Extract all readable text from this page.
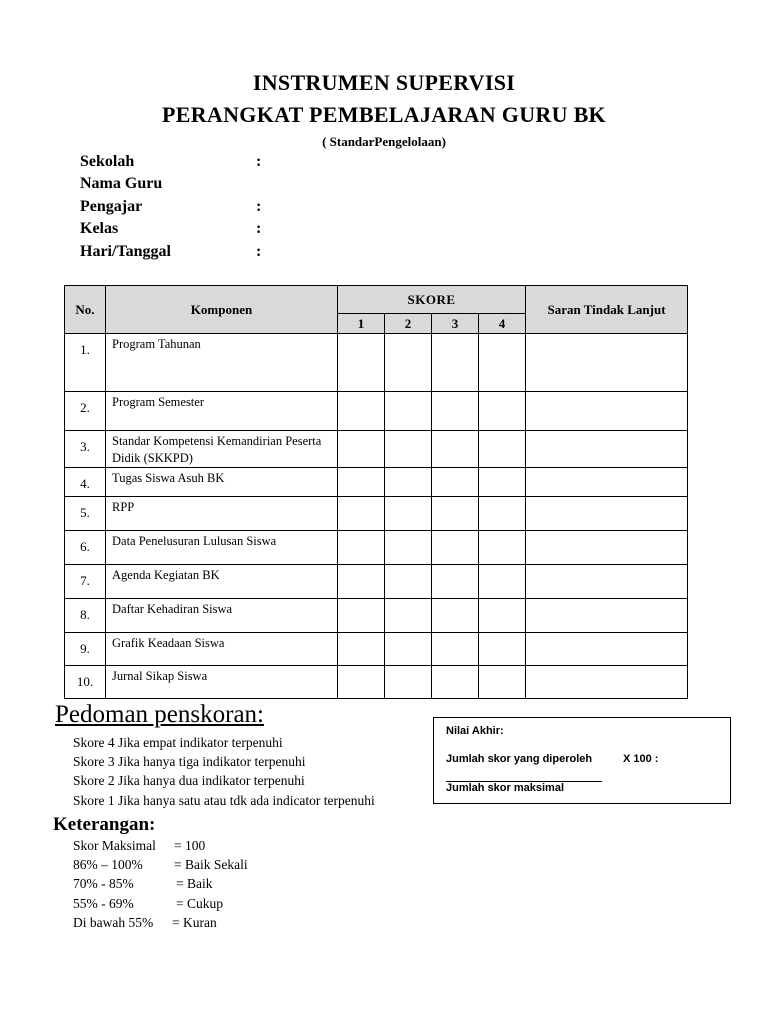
INSTRUMEN SUPERVISI
PERANGKAT PEMBELAJARAN GURU BK
( StandarPengelolaan)
Sekolah	:
Nama Guru
Pengajar	:
Kelas	:
Hari/Tanggal	:
No.	Komponen	SKORE				Saran Tindak Lanjut
		1	2	3	4	
1.	Program Tahunan					
2.	Program Semester					
3.	Standar Kompetensi Kemandirian Peserta Didik (SKKPD)					
4.	Tugas Siswa Asuh BK					
5.	RPP					
6.	Data Penelusuran Lulusan Siswa					
7.	Agenda Kegiatan BK					
8.	Daftar Kehadiran Siswa					
9.	Grafik Keadaan Siswa					
10.	Jurnal Sikap Siswa					
Pedoman penskoran:
Skore 4 Jika empat indikator terpenuhi
Skore 3 Jika hanya tiga indikator terpenuhi
Skore 2 Jika hanya dua indikator terpenuhi
Skore 1 Jika hanya satu atau tdk ada indicator terpenuhi
Nilai Akhir:
Jumlah skor yang diperoleh	X 100 :
Jumlah skor maksimal
Keterangan:
Skor Maksimal = 100
86% – 100% = Baik Sekali
70% - 85%	= Baik
55% - 69%	= Cukup
Di bawah 55% = Kuran
